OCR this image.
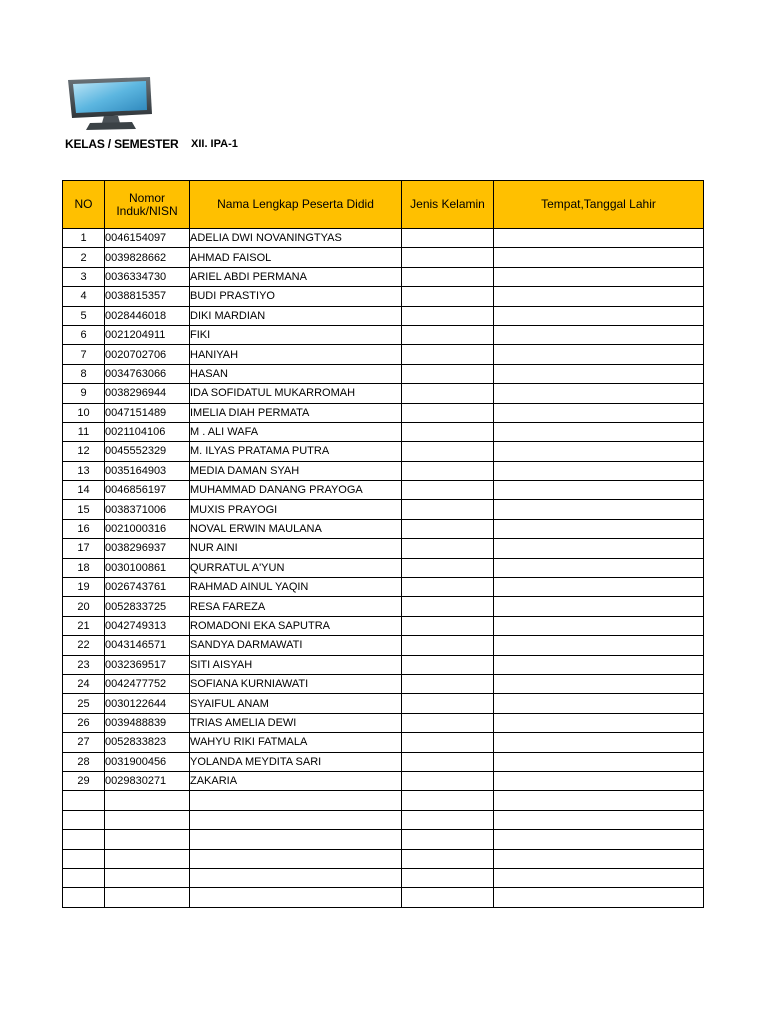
KELAS / SEMESTER XII. IPA-1
NO	Nomor Induk/NISN	Nama Lengkap Peserta Didid	Jenis Kelamin	Tempat,Tanggal Lahir
1	0046154097	ADELIA DWI NOVANINGTYAS		
2	0039828662	AHMAD FAISOL		
3	0036334730	ARIEL ABDI PERMANA		
4	0038815357	BUDI PRASTIYO		
5	0028446018	DIKI MARDIAN		
6	0021204911	FIKI		
7	0020702706	HANIYAH		
8	0034763066	HASAN		
9	0038296944	IDA SOFIDATUL MUKARROMAH		
10	0047151489	IMELIA DIAH PERMATA		
11	0021104106	M . ALI WAFA		
12	0045552329	M. ILYAS PRATAMA PUTRA		
13	0035164903	MEDIA DAMAN SYAH		
14	0046856197	MUHAMMAD DANANG PRAYOGA		
15	0038371006	MUXIS PRAYOGI		
16	0021000316	NOVAL ERWIN MAULANA		
17	0038296937	NUR AINI		
18	0030100861	QURRATUL A'YUN		
19	0026743761	RAHMAD AINUL YAQIN		
20	0052833725	RESA FAREZA		
21	0042749313	ROMADONI EKA SAPUTRA		
22	0043146571	SANDYA DARMAWATI		
23	0032369517	SITI AISYAH		
24	0042477752	SOFIANA KURNIAWATI		
25	0030122644	SYAIFUL ANAM		
26	0039488839	TRIAS AMELIA DEWI		
27	0052833823	WAHYU RIKI FATMALA		
28	0031900456	YOLANDA MEYDITA SARI		
29	0029830271	ZAKARIA		
